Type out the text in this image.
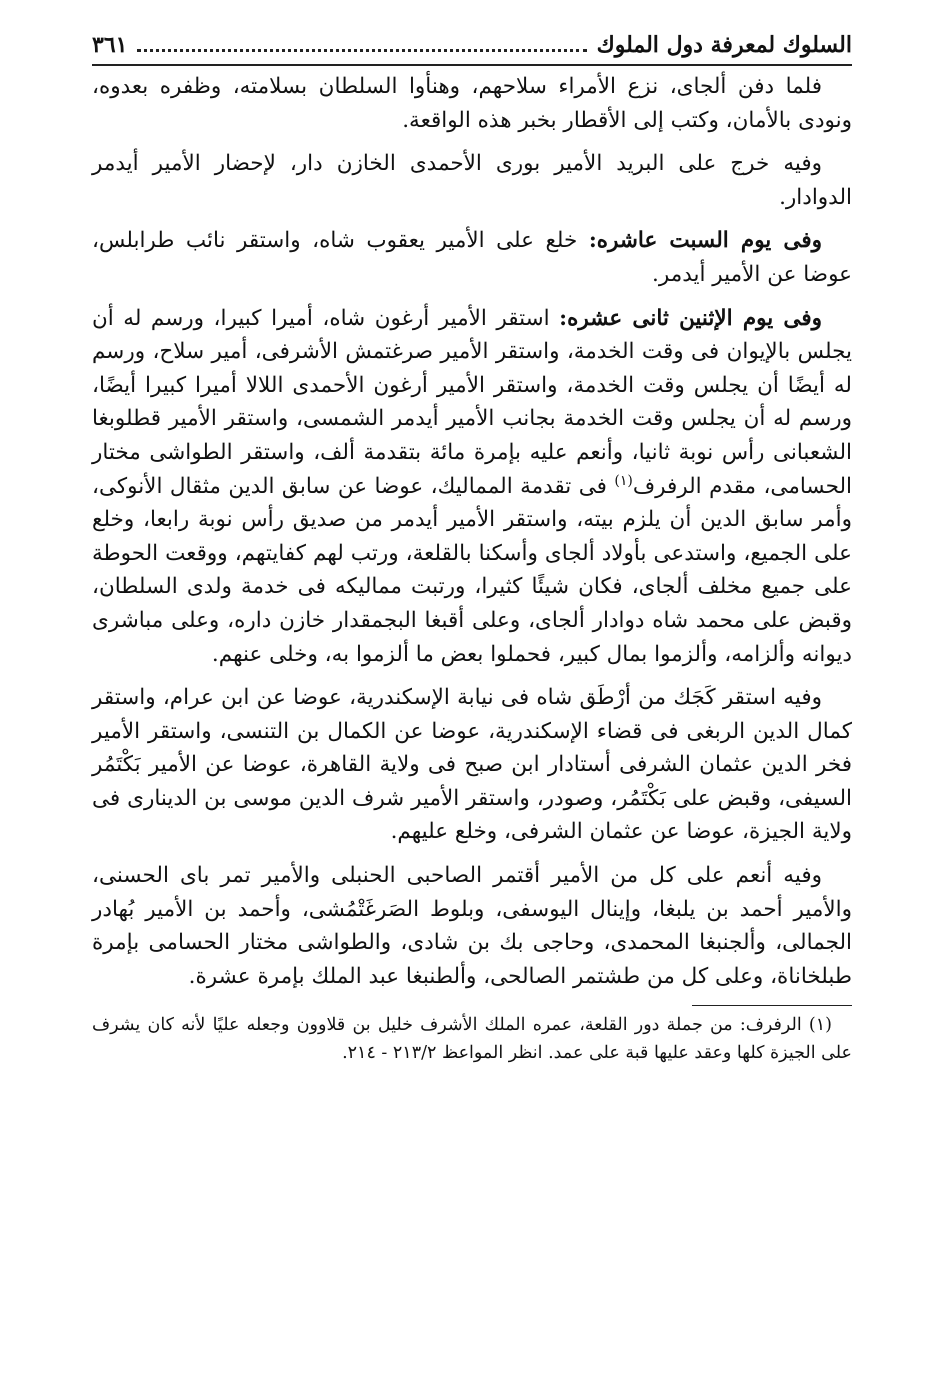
السلوك لمعرفة دول الملوك
٣٦١

فلما دفن ألجاى، نزع الأمراء سلاحهم، وهنأوا السلطان بسلامته، وظفره بعدوه، ونودى بالأمان، وكتب إلى الأقطار بخبر هذه الواقعة.

وفيه خرج على البريد الأمير بورى الأحمدى الخازن دار، لإحضار الأمير أيدمر الدوادار.

وفى يوم السبت عاشره: خلع على الأمير يعقوب شاه، واستقر نائب طرابلس، عوضا عن الأمير أيدمر.

وفى يوم الإثنين ثانى عشره: استقر الأمير أرغون شاه، أميرا كبيرا، ورسم له أن يجلس بالإيوان فى وقت الخدمة، واستقر الأمير صرغتمش الأشرفى، أمير سلاح، ورسم له أيضًا أن يجلس وقت الخدمة، واستقر الأمير أرغون الأحمدى اللالا أميرا كبيرا أيضًا، ورسم له أن يجلس وقت الخدمة بجانب الأمير أيدمر الشمسى، واستقر الأمير قطلوبغا الشعبانى رأس نوبة ثانيا، وأنعم عليه بإمرة مائة بتقدمة ألف، واستقر الطواشى مختار الحسامى، مقدم الرفرف$^{(١)}$ فى تقدمة المماليك، عوضا عن سابق الدين مثقال الأنوكى، وأمر سابق الدين أن يلزم بيته، واستقر الأمير أيدمر من صديق رأس نوبة رابعا، وخلع على الجميع، واستدعى بأولاد ألجاى وأسكنا بالقلعة، ورتب لهم كفايتهم، ووقعت الحوطة على جميع مخلف ألجاى، فكان شيئًا كثيرا، ورتبت مماليكه فى خدمة ولدى السلطان، وقبض على محمد شاه دوادار ألجاى، وعلى أقبغا البجمقدار خازن داره، وعلى مباشرى ديوانه وألزامه، وألزموا بمال كبير، فحملوا بعض ما ألزموا به، وخلى عنهم.

وفيه استقر كَجَك من أرْطَق شاه فى نيابة الإسكندرية، عوضا عن ابن عرام، واستقر كمال الدين الربغى فى قضاء الإسكندرية، عوضا عن الكمال بن التنسى، واستقر الأمير فخر الدين عثمان الشرفى أستادار ابن صبح فى ولاية القاهرة، عوضا عن الأمير بَكْتَمُر السيفى، وقبض على بَكْتَمُر، وصودر، واستقر الأمير شرف الدين موسى بن الدينارى فى ولاية الجيزة، عوضا عن عثمان الشرفى، وخلع عليهم.

وفيه أنعم على كل من الأمير أقتمر الصاحبى الحنبلى والأمير تمر باى الحسنى، والأمير أحمد بن يلبغا، وإينال اليوسفى، وبلوط الصَرغَتْمُشى، وأحمد بن الأمير بُهادر الجمالى، وألجنبغا المحمدى، وحاجى بك بن شادى، والطواشى مختار الحسامى بإمرة طبلخاناة، وعلى كل من طشتمر الصالحى، وألطنبغا عبد الملك بإمرة عشرة.

(١) الرفرف: من جملة دور القلعة، عمره الملك الأشرف خليل بن قلاوون وجعله عليًا لأنه كان يشرف على الجيزة كلها وعقد عليها قبة على عمد. انظر المواعظ ٢١٣/٢ - ٢١٤.
